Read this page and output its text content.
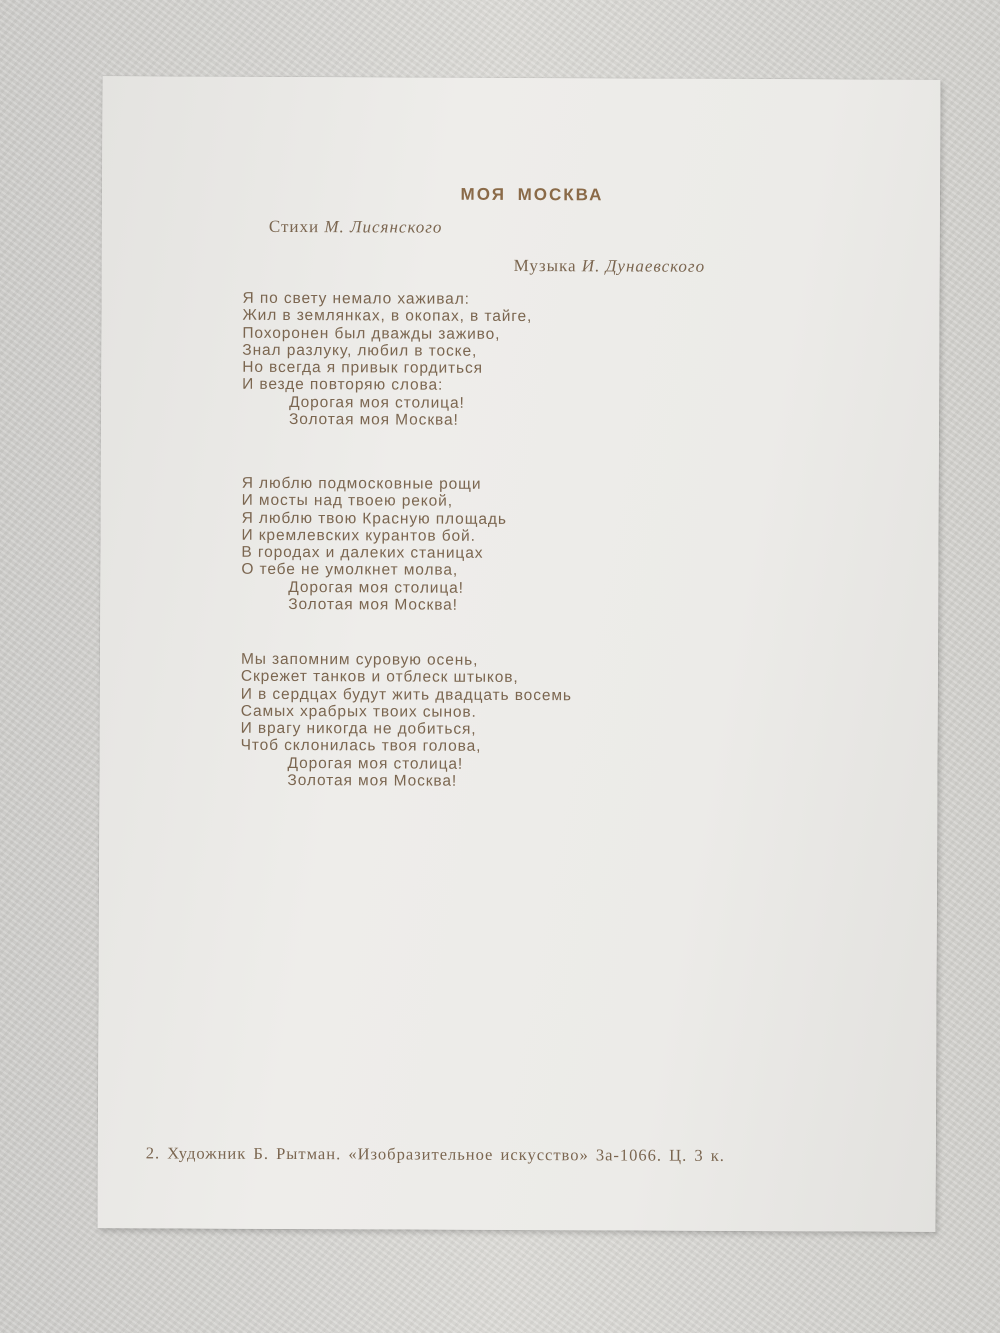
МОЯ МОСКВА
Стихи М. Лисянского
Музыка И. Дунаевского
Я по свету немало хаживал:
Жил в землянках, в окопах, в тайге,
Похоронен был дважды заживо,
Знал разлуку, любил в тоске,
Но всегда я привык гордиться
И везде повторяю слова:
Дорогая моя столица!
Золотая моя Москва!
Я люблю подмосковные рощи
И мосты над твоею рекой,
Я люблю твою Красную площадь
И кремлевских курантов бой.
В городах и далеких станицах
О тебе не умолкнет молва,
Дорогая моя столица!
Золотая моя Москва!
Мы запомним суровую осень,
Скрежет танков и отблеск штыков,
И в сердцах будут жить двадцать восемь
Самых храбрых твоих сынов.
И врагу никогда не добиться,
Чтоб склонилась твоя голова,
Дорогая моя столица!
Золотая моя Москва!
2. Художник Б. Рытман. «Изобразительное искусство» 3а-1066. Ц. 3 к.
